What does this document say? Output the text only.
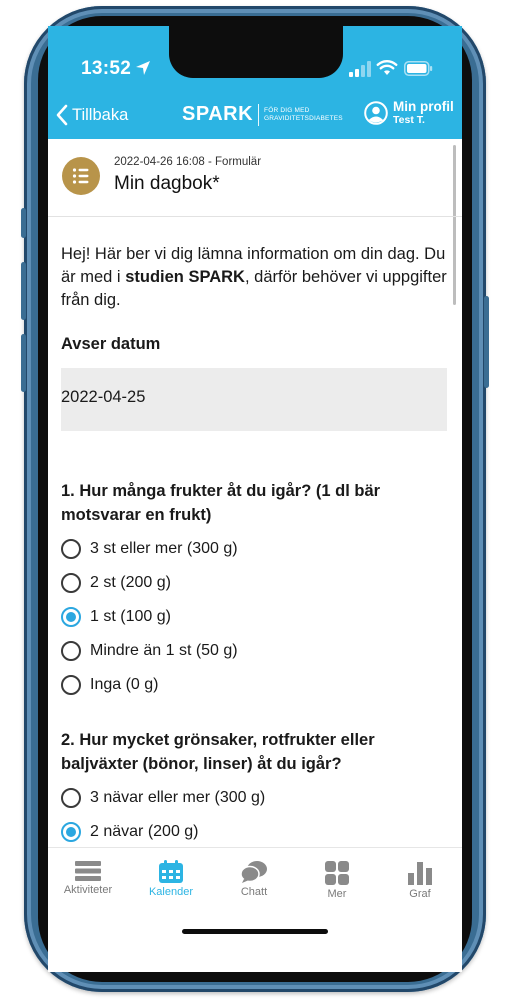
13:52
Tillbaka	SPARK FÖR DIG MED
GRAVIDITETSDIABETES
Min profil
Test T.
2022-04-26 16:08 - Formulär
Min dagbok*

Hej! Här ber vi dig lämna information om din dag. Du är med i studien SPARK, därför behöver vi uppgifter från dig.

Avser datum
2022-04-25
1. Hur många frukter åt du igår? (1 dl bär motsvarar en frukt)
3 st eller mer (300 g)
2 st (200 g)
1 st (100 g)
Mindre än 1 st (50 g)
Inga (0 g)
2. Hur mycket grönsaker, rotfrukter eller baljväxter (bönor, linser) åt du igår?
3 nävar eller mer (300 g)
2 nävar (200 g)
Aktiviteter	Kalender	Chatt	Mer	Graf
